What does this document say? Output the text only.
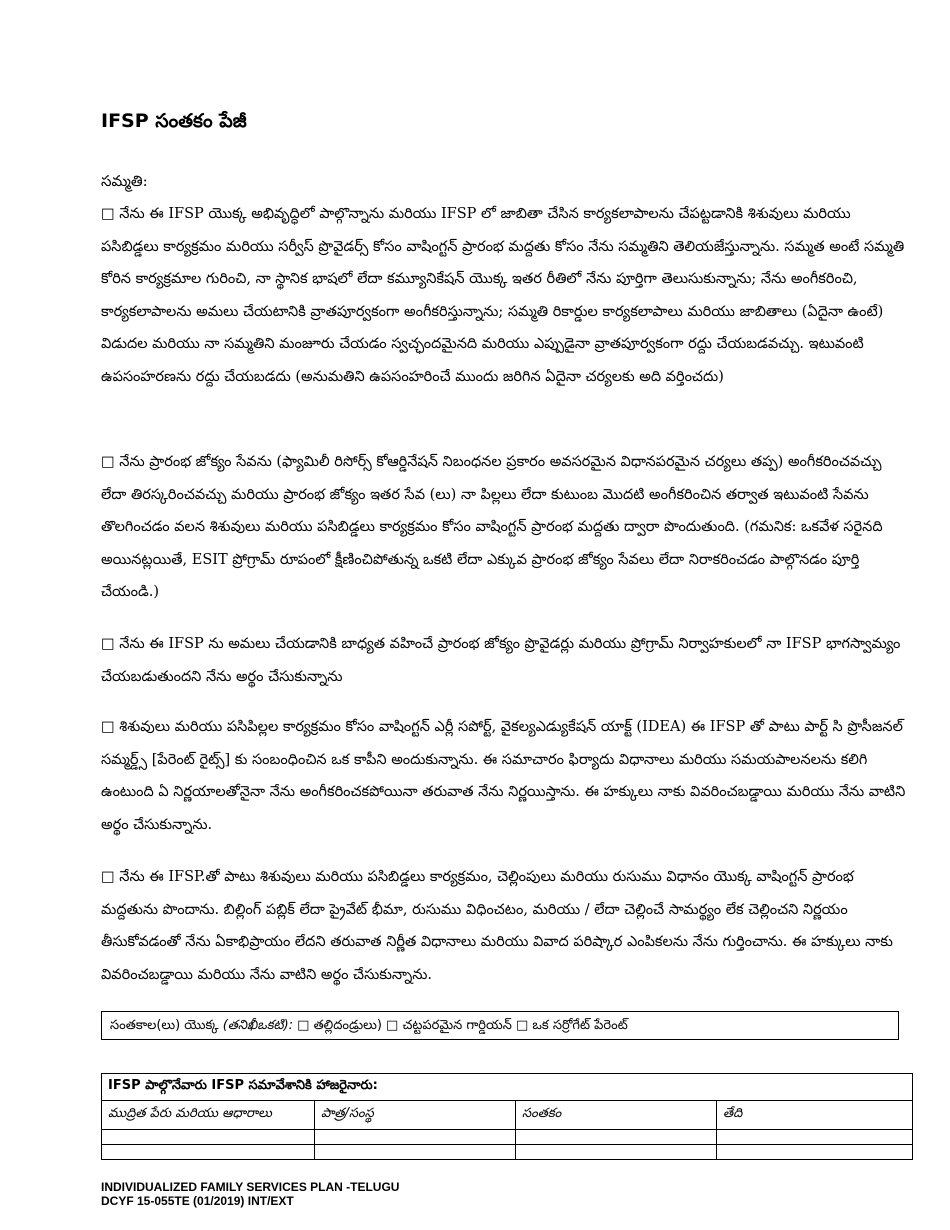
IFSP సంతకం పేజీ
సమ్మతి:

□ నేను ఈ IFSP యొక్క అభివృద్ధిలో పాల్గొన్నాను మరియు IFSP లో జాబితా చేసిన కార్యకలాపాలను చేపట్టడానికి శిశువులు మరియు పసిబిడ్డలు కార్యక్రమం మరియు సర్వీస్ ప్రొవైడర్స్ కోసం వాషింగ్టన్ ప్రారంభ మద్దతు కోసం నేను సమ్మతిని తెలియజేస్తున్నాను. సమ్మత అంటే సమ్మతి కోరిన కార్యక్రమాల గురించి, నా స్థానిక భాషలో లేదా కమ్యూనికేషన్ యొక్క ఇతర రీతిలో నేను పూర్తిగా తెలుసుకున్నాను; నేను అంగీకరించి, కార్యకలాపాలను అమలు చేయటానికి వ్రాతపూర్వకంగా అంగీకరిస్తున్నాను; సమ్మతి రికార్డుల కార్యకలాపాలు మరియు జాబితాలు (ఏదైనా ఉంటే) విడుదల మరియు నా సమ్మతిని మంజూరు చేయడం స్వచ్ఛందమైనది మరియు ఎప్పుడైనా వ్రాతపూర్వకంగా రద్దు చేయబడవచ్చు. ఇటువంటి ఉపసంహరణను రద్దు చేయబడదు (అనుమతిని ఉపసంహరించే ముందు జరిగిన ఏదైనా చర్యలకు అది వర్తించదు)

□ నేను ప్రారంభ జోక్యం సేవను (ఫ్యామిలీ రిసోర్స్ కోఆర్డినేషన్ నిబంధనల ప్రకారం అవసరమైన విధానపరమైన చర్యలు తప్ప) అంగీకరించవచ్చు లేదా తిరస్కరించవచ్చు మరియు ప్రారంభ జోక్యం ఇతర సేవ (లు) నా పిల్లలు లేదా కుటుంబ మొదటి అంగీకరించిన తర్వాత ఇటువంటి సేవను తొలగించడం వలన శిశువులు మరియు పసిబిడ్డలు కార్యక్రమం కోసం వాషింగ్టన్ ప్రారంభ మద్దతు ద్వారా పొందుతుంది. (గమనిక: ఒకవేళ సరైనది అయినట్లయితే, ESIT ప్రోగ్రామ్ రూపంలో క్షీణించిపోతున్న ఒకటి లేదా ఎక్కువ ప్రారంభ జోక్యం సేవలు లేదా నిరాకరించడం పాల్గొనడం పూర్తి చేయండి.)

□ నేను ఈ IFSP ను అమలు చేయడానికి బాధ్యత వహించే ప్రారంభ జోక్యం ప్రొవైడర్లు మరియు ప్రోగ్రామ్ నిర్వాహకులలో నా IFSP భాగస్వామ్యం చేయబడుతుందని నేను అర్థం చేసుకున్నాను

□ శిశువులు మరియు పసిపిల్లల కార్యక్రమం కోసం వాషింగ్టన్ ఎర్లీ సపోర్ట్, వైకల్యఎడ్యుకేషన్ యాక్ట్ (IDEA) ఈ IFSP తో పాటు పార్ట్ సి ప్రొసీజనల్ సమ్మర్డ్స్ [పేరెంట్ రైట్స్] కు సంబంధించిన ఒక కాపీని అందుకున్నాను. ఈ సమాచారం ఫిర్యాదు విధానాలు మరియు సమయపాలనలను కలిగి ఉంటుంది ఏ నిర్ణయాలతోనైనా నేను అంగీకరించకపోయినా తరువాత నేను నిర్ణయిస్తాను. ఈ హక్కులు నాకు వివరించబడ్డాయి మరియు నేను వాటిని అర్థం చేసుకున్నాను.

□ నేను ఈ IFSP.తో పాటు శిశువులు మరియు పసిబిడ్డలు కార్యక్రమం, చెల్లింపులు మరియు రుసుము విధానం యొక్క వాషింగ్టన్ ప్రారంభ మద్దతును పొందాను. బిల్లింగ్ పబ్లిక్ లేదా ప్రైవేట్ భీమా, రుసుము విధించటం, మరియు / లేదా చెల్లించే సామర్థ్యం లేక చెల్లించని నిర్ణయం తీసుకోవడంతో నేను ఏకాభిప్రాయం లేదని తరువాత నిర్ణీత విధానాలు మరియు వివాద పరిష్కార ఎంపికలను నేను గుర్తించాను. ఈ హక్కులు నాకు వివరించబడ్డాయి మరియు నేను వాటిని అర్థం చేసుకున్నాను.

సంతకాల(లు) యొక్క (తనిఖీఒకటి): □ తల్లిదండ్రులు) □ చట్టపరమైన గార్డియన్ □ ఒక సర్రోగేట్ పేరెంట్
IFSP పాల్గొనేవారు IFSP సమావేశానికి హాజరైనారు:			
ముద్రిత పేరు మరియు ఆధారాలు	పాత్ర/సంస్థ	సంతకం	తేది

INDIVIDUALIZED FAMILY SERVICES PLAN -TELUGU
DCYF 15-055TE (01/2019) INT/EXT
